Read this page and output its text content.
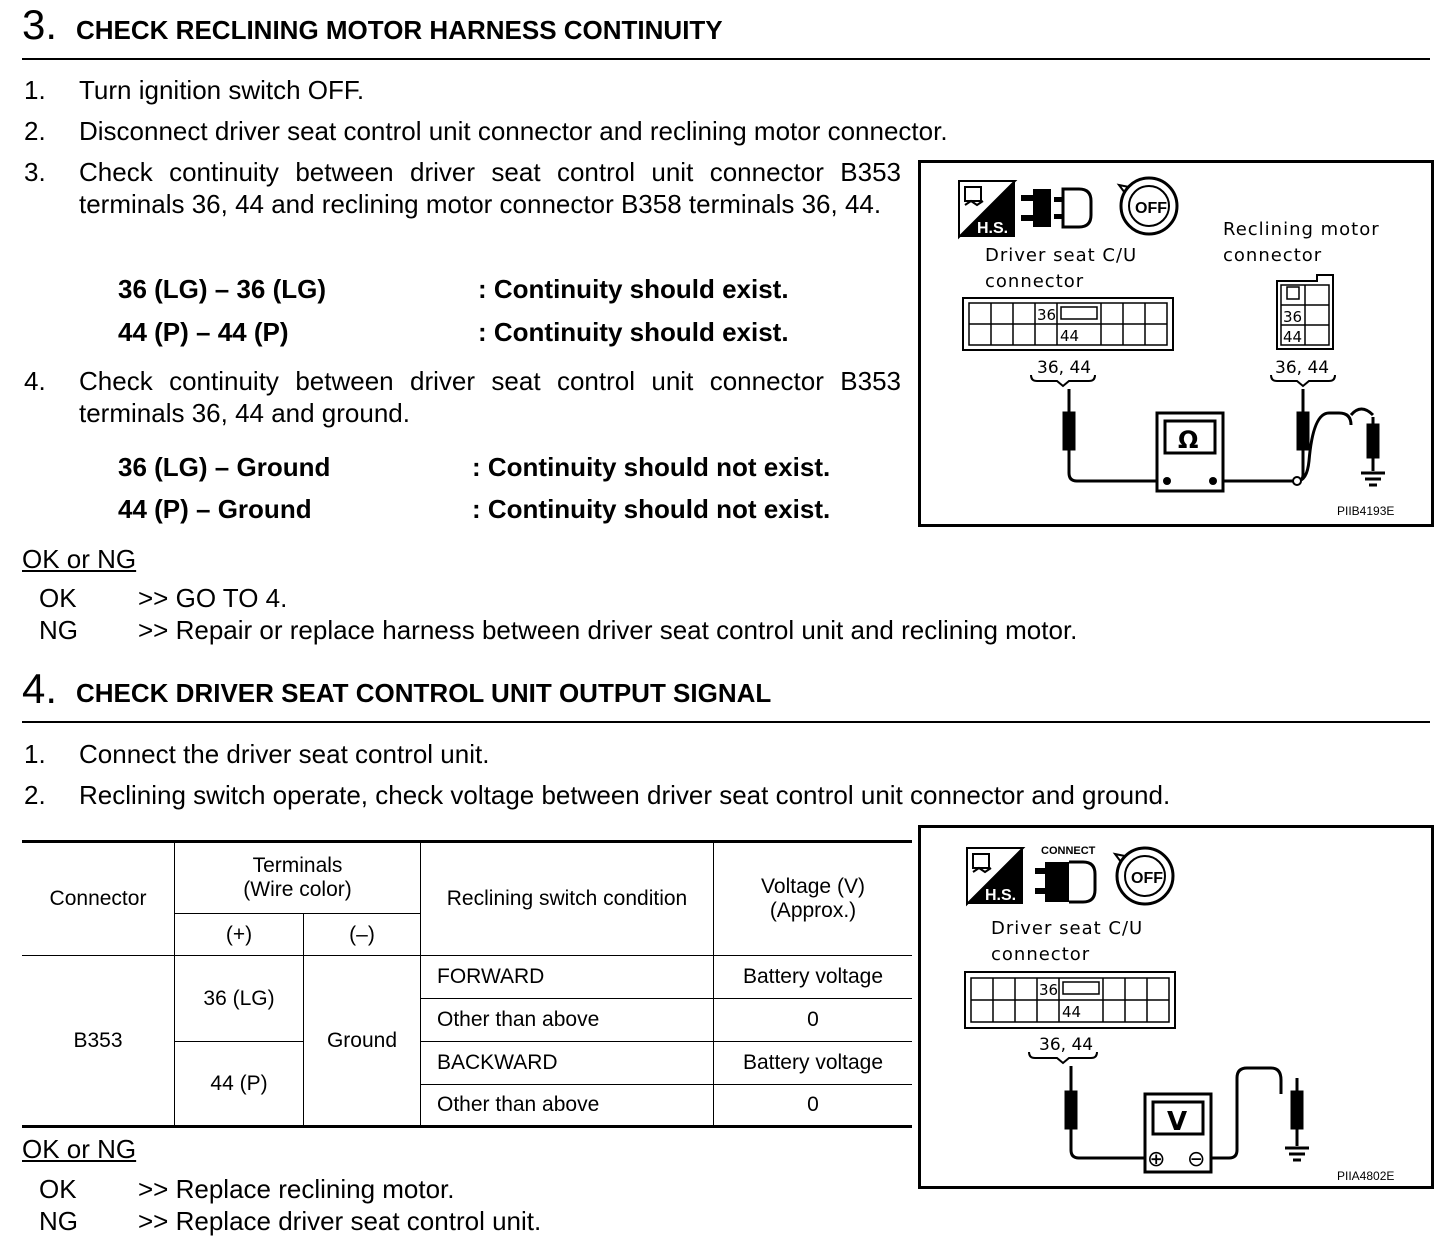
3. CHECK RECLINING MOTOR HARNESS CONTINUITY
1. Turn ignition switch OFF.
2. Disconnect driver seat control unit connector and reclining motor connector.
3. Check continuity between driver seat control unit connector B353 terminals 36, 44 and reclining motor connector B358 terminals 36, 44.
36 (LG) – 36 (LG)	: Continuity should exist.
44 (P) – 44 (P)	: Continuity should exist.
4. Check continuity between driver seat control unit connector B353 terminals 36, 44 and ground.
36 (LG) – Ground	: Continuity should not exist.
44 (P) – Ground	: Continuity should not exist.
OK or NG
OK >> GO TO 4.
NG >> Repair or replace harness between driver seat control unit and reclining motor.
H.S.
OFF
Driver seat C/U
connector
Reclining motor
connector
36
44
36
44
36, 44	36, 44
Ω
PIIB4193E
4. CHECK DRIVER SEAT CONTROL UNIT OUTPUT SIGNAL
1. Connect the driver seat control unit.
2. Reclining switch operate, check voltage between driver seat control unit connector and ground.
Connector	Terminals
(Wire color)		Reclining switch condition	Voltage (V)
(Approx.)
	(+)	(–)		
B353	36 (LG)	Ground	FORWARD	Battery voltage
			Other than above	0
	44 (P)		BACKWARD	Battery voltage
			Other than above	0
OK or NG
OK >> Replace reclining motor.
NG >> Replace driver seat control unit.
H.S.
CONNECT
OFF
Driver seat C/U
connector
36
44
36, 44
V
⊕ ⊖
PIIA4802E
